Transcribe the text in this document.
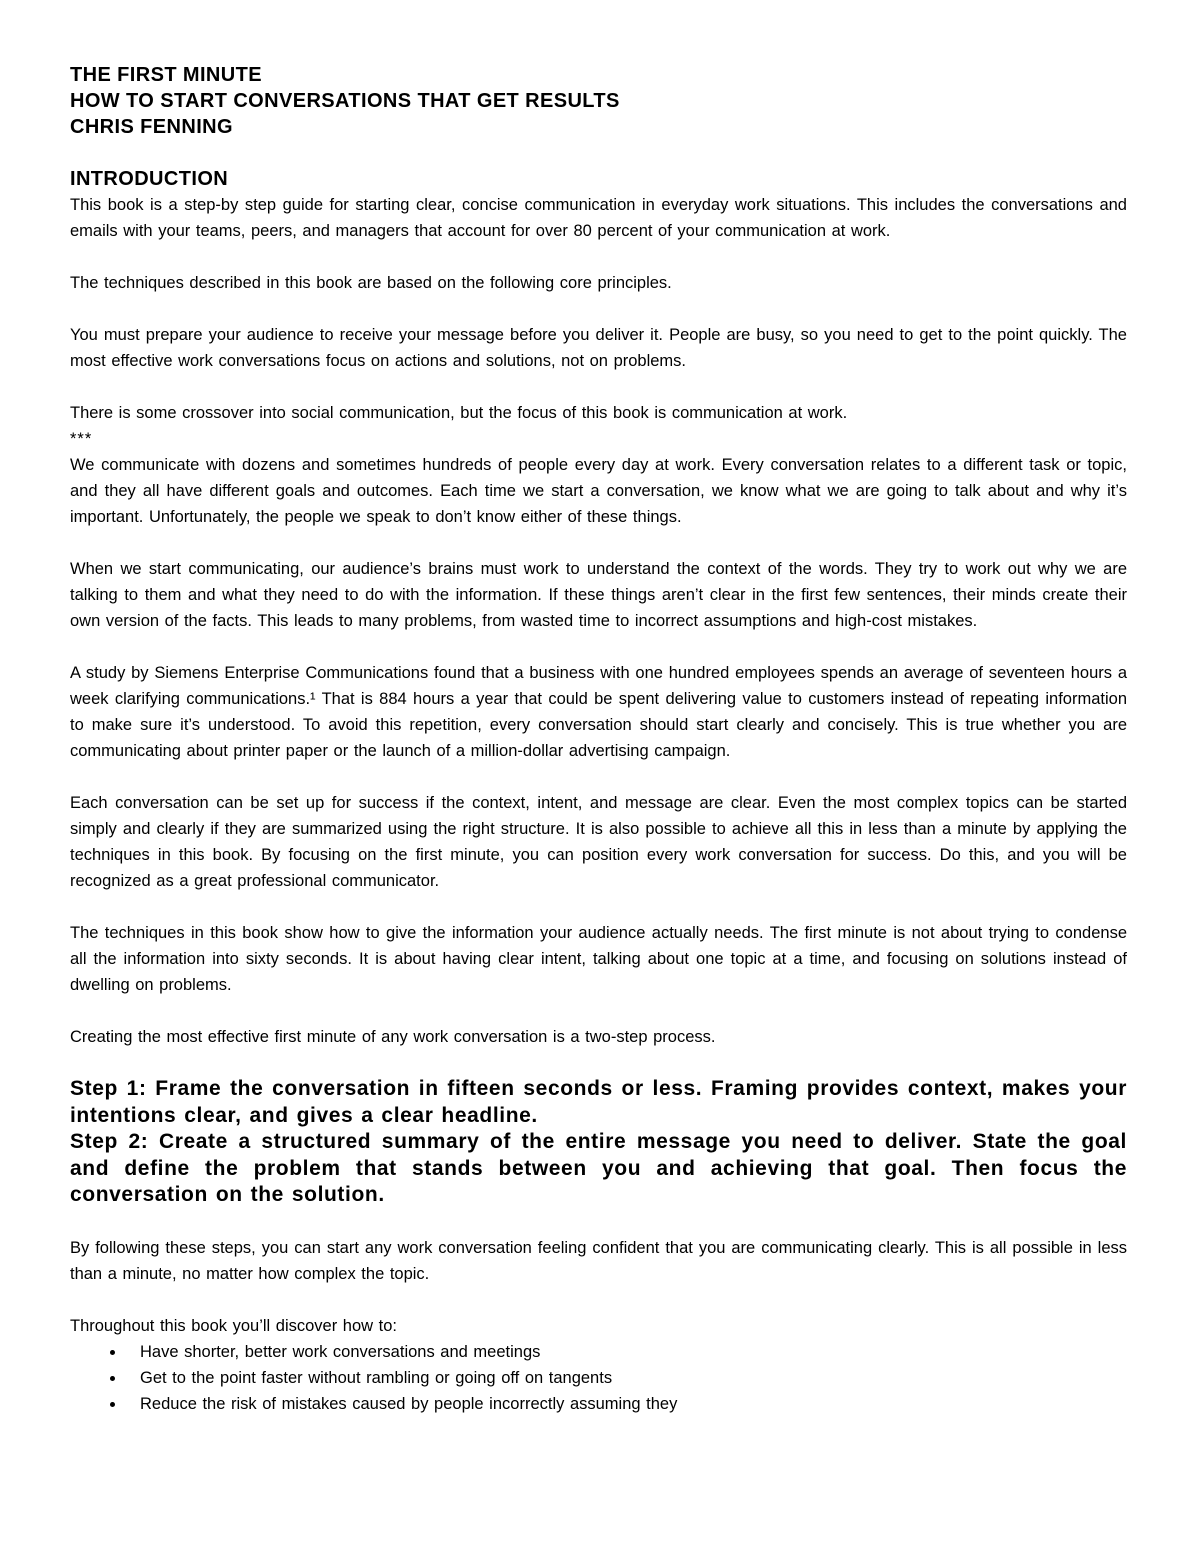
THE FIRST MINUTE
HOW TO START CONVERSATIONS THAT GET RESULTS
CHRIS FENNING
INTRODUCTION
This book is a step-by step guide for starting clear, concise communication in everyday work situations. This includes the conversations and emails with your teams, peers, and managers that account for over 80 percent of your communication at work.
The techniques described in this book are based on the following core principles.
You must prepare your audience to receive your message before you deliver it. People are busy, so you need to get to the point quickly. The most effective work conversations focus on actions and solutions, not on problems.
There is some crossover into social communication, but the focus of this book is communication at work.
***
We communicate with dozens and sometimes hundreds of people every day at work. Every conversation relates to a different task or topic, and they all have different goals and outcomes. Each time we start a conversation, we know what we are going to talk about and why it’s important. Unfortunately, the people we speak to don’t know either of these things.
When we start communicating, our audience’s brains must work to understand the context of the words. They try to work out why we are talking to them and what they need to do with the information. If these things aren’t clear in the first few sentences, their minds create their own version of the facts. This leads to many problems, from wasted time to incorrect assumptions and high-cost mistakes.
A study by Siemens Enterprise Communications found that a business with one hundred employees spends an average of seventeen hours a week clarifying communications.¹ That is 884 hours a year that could be spent delivering value to customers instead of repeating information to make sure it’s understood. To avoid this repetition, every conversation should start clearly and concisely. This is true whether you are communicating about printer paper or the launch of a million-dollar advertising campaign.
Each conversation can be set up for success if the context, intent, and message are clear. Even the most complex topics can be started simply and clearly if they are summarized using the right structure. It is also possible to achieve all this in less than a minute by applying the techniques in this book. By focusing on the first minute, you can position every work conversation for success. Do this, and you will be recognized as a great professional communicator.
The techniques in this book show how to give the information your audience actually needs. The first minute is not about trying to condense all the information into sixty seconds. It is about having clear intent, talking about one topic at a time, and focusing on solutions instead of dwelling on problems.
Creating the most effective first minute of any work conversation is a two-step process.
Step 1: Frame the conversation in fifteen seconds or less. Framing provides context, makes your intentions clear, and gives a clear headline.
Step 2: Create a structured summary of the entire message you need to deliver. State the goal and define the problem that stands between you and achieving that goal. Then focus the conversation on the solution.
By following these steps, you can start any work conversation feeling confident that you are communicating clearly. This is all possible in less than a minute, no matter how complex the topic.
Throughout this book you’ll discover how to:
• Have shorter, better work conversations and meetings
• Get to the point faster without rambling or going off on tangents
• Reduce the risk of mistakes caused by people incorrectly assuming they
